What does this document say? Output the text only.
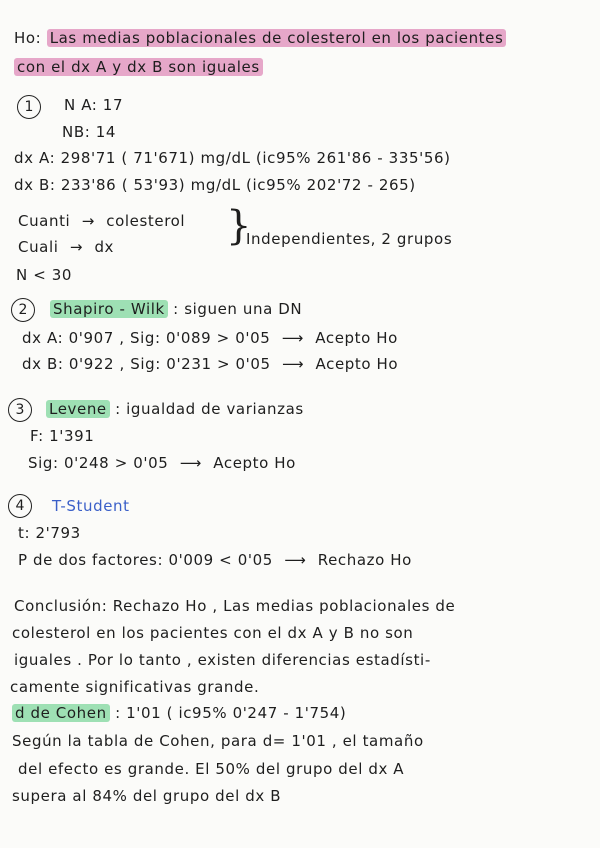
Ho: Las medias poblacionales de colesterol en los pacientes
con el dx A y dx B son iguales
1	N A: 17
NB: 14
dx A: 298'71 ( 71'671) mg/dL (ic95% 261'86 - 335'56)
dx B: 233'86 ( 53'93) mg/dL (ic95% 202'72 - 265)
Cuanti → colesterol
Cuali → dx	}
Independientes, 2 grupos
N < 30
2	Shapiro - Wilk : siguen una DN
dx A: 0'907 , Sig: 0'089 > 0'05 ⟶ Acepto Ho
dx B: 0'922 , Sig: 0'231 > 0'05 ⟶ Acepto Ho
3	Levene : igualdad de varianzas
F: 1'391
Sig: 0'248 > 0'05 ⟶ Acepto Ho
4	T-Student
t: 2'793
P de dos factores: 0'009 < 0'05 ⟶ Rechazo Ho
Conclusión: Rechazo Ho , Las medias poblacionales de
colesterol en los pacientes con el dx A y B no son
iguales . Por lo tanto , existen diferencias estadísti-
camente significativas grande.
d de Cohen : 1'01 ( ic95% 0'247 - 1'754)
Según la tabla de Cohen, para d= 1'01 , el tamaño
del efecto es grande. El 50% del grupo del dx A
supera al 84% del grupo del dx B
